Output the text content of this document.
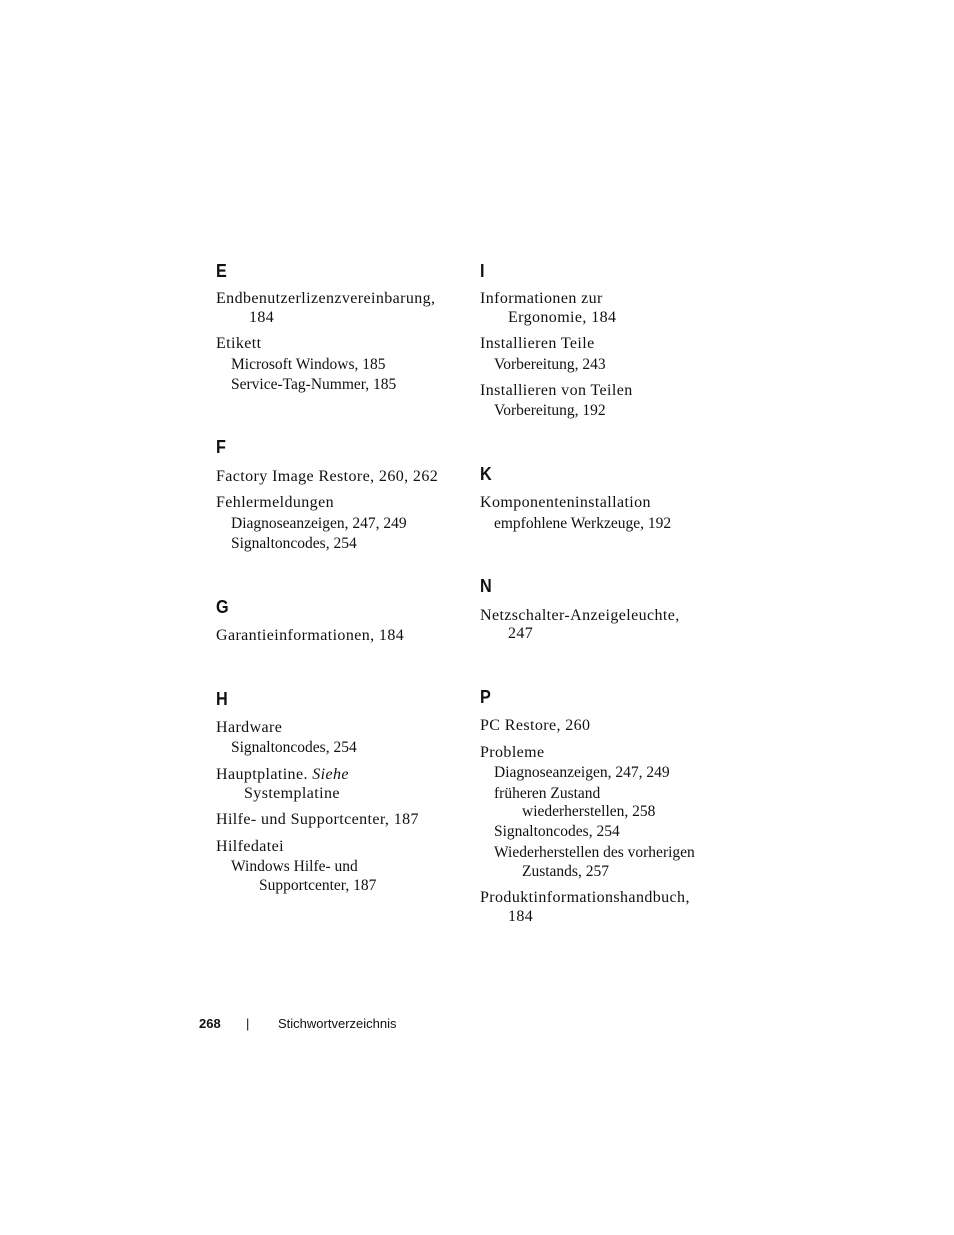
E
Endbenutzerlizenzvereinbarung,
184
Etikett
Microsoft Windows, 185
Service-Tag-Nummer, 185
F
Factory Image Restore, 260, 262
Fehlermeldungen
Diagnoseanzeigen, 247, 249
Signaltoncodes, 254
G
Garantieinformationen, 184
H
Hardware
Signaltoncodes, 254
Hauptplatine. Siehe
Systemplatine
Hilfe- und Supportcenter, 187
Hilfedatei
Windows Hilfe- und
Supportcenter, 187
I
Informationen zur
Ergonomie, 184
Installieren Teile
Vorbereitung, 243
Installieren von Teilen
Vorbereitung, 192
K
Komponenteninstallation
empfohlene Werkzeuge, 192
N
Netzschalter-Anzeigeleuchte,
247
P
PC Restore, 260
Probleme
Diagnoseanzeigen, 247, 249
früheren Zustand
wiederherstellen, 258
Signaltoncodes, 254
Wiederherstellen des vorherigen
Zustands, 257
Produktinformationshandbuch,
184
268 | Stichwortverzeichnis
